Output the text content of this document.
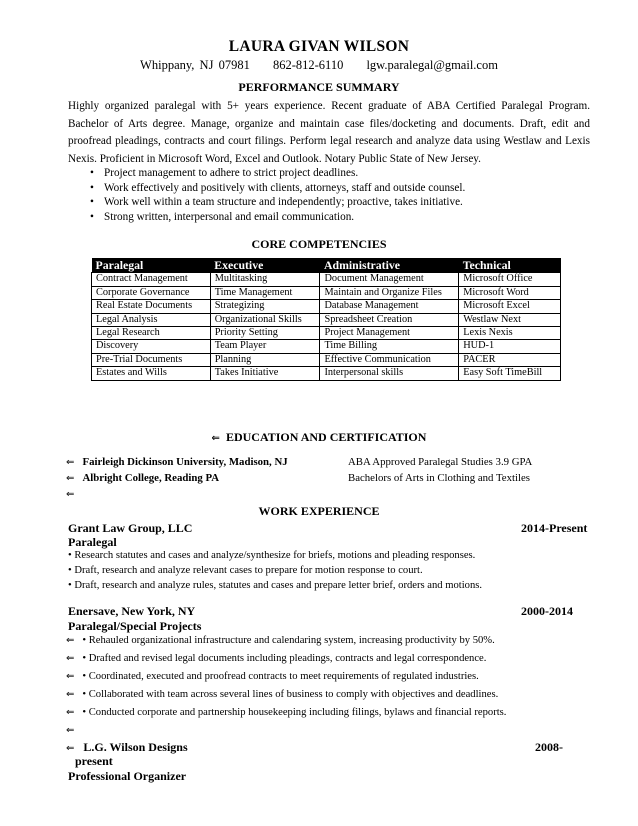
LAURA GIVAN WILSON
Whippany, NJ 07981 862-812-6110 lgw.paralegal@gmail.com
PERFORMANCE SUMMARY
Highly organized paralegal with 5+ years experience. Recent graduate of ABA Certified Paralegal Program. Bachelor of Arts degree. Manage, organize and maintain case files/docketing and documents. Draft, edit and proofread pleadings, contracts and court filings. Perform legal research and analyze data using Westlaw and Lexis Nexis. Proficient in Microsoft Word, Excel and Outlook. Notary Public State of New Jersey.
• Project management to adhere to strict project deadlines.
• Work effectively and positively with clients, attorneys, staff and outside counsel.
• Work well within a team structure and independently; proactive, takes initiative.
• Strong written, interpersonal and email communication.
CORE COMPETENCIES
Paralegal	Executive	Administrative	Technical
Contract Management	Multitasking	Document Management	Microsoft Office
Corporate Governance	Time Management	Maintain and Organize Files	Microsoft Word
Real Estate Documents	Strategizing	Database Management	Microsoft Excel
Legal Analysis	Organizational Skills	Spreadsheet Creation	Westlaw Next
Legal Research	Priority Setting	Project Management	Lexis Nexis
Discovery	Team Player	Time Billing	HUD-1
Pre-Trial Documents	Planning	Effective Communication	PACER
Estates and Wills	Takes Initiative	Interpersonal skills	Easy Soft TimeBill
⇐ EDUCATION AND CERTIFICATION
⇐ Fairleigh Dickinson University, Madison, NJ	ABA Approved Paralegal Studies 3.9 GPA
⇐ Albright College, Reading PA	Bachelors of Arts in Clothing and Textiles
⇐
WORK EXPERIENCE
Grant Law Group, LLC	2014-Present
Paralegal
• Research statutes and cases and analyze/synthesize for briefs, motions and pleading responses.
• Draft, research and analyze relevant cases to prepare for motion response to court.
• Draft, research and analyze rules, statutes and cases and prepare letter brief, orders and motions.
Enersave, New York, NY	2000-2014
Paralegal/Special Projects
⇐ • Rehauled organizational infrastructure and calendaring system, increasing productivity by 50%.
⇐ • Drafted and revised legal documents including pleadings, contracts and legal correspondence.
⇐ • Coordinated, executed and proofread contracts to meet requirements of regulated industries.
⇐ • Collaborated with team across several lines of business to comply with objectives and deadlines.
⇐ • Conducted corporate and partnership housekeeping including filings, bylaws and financial reports.
⇐
⇐ L.G. Wilson Designs	2008-
present
Professional Organizer
